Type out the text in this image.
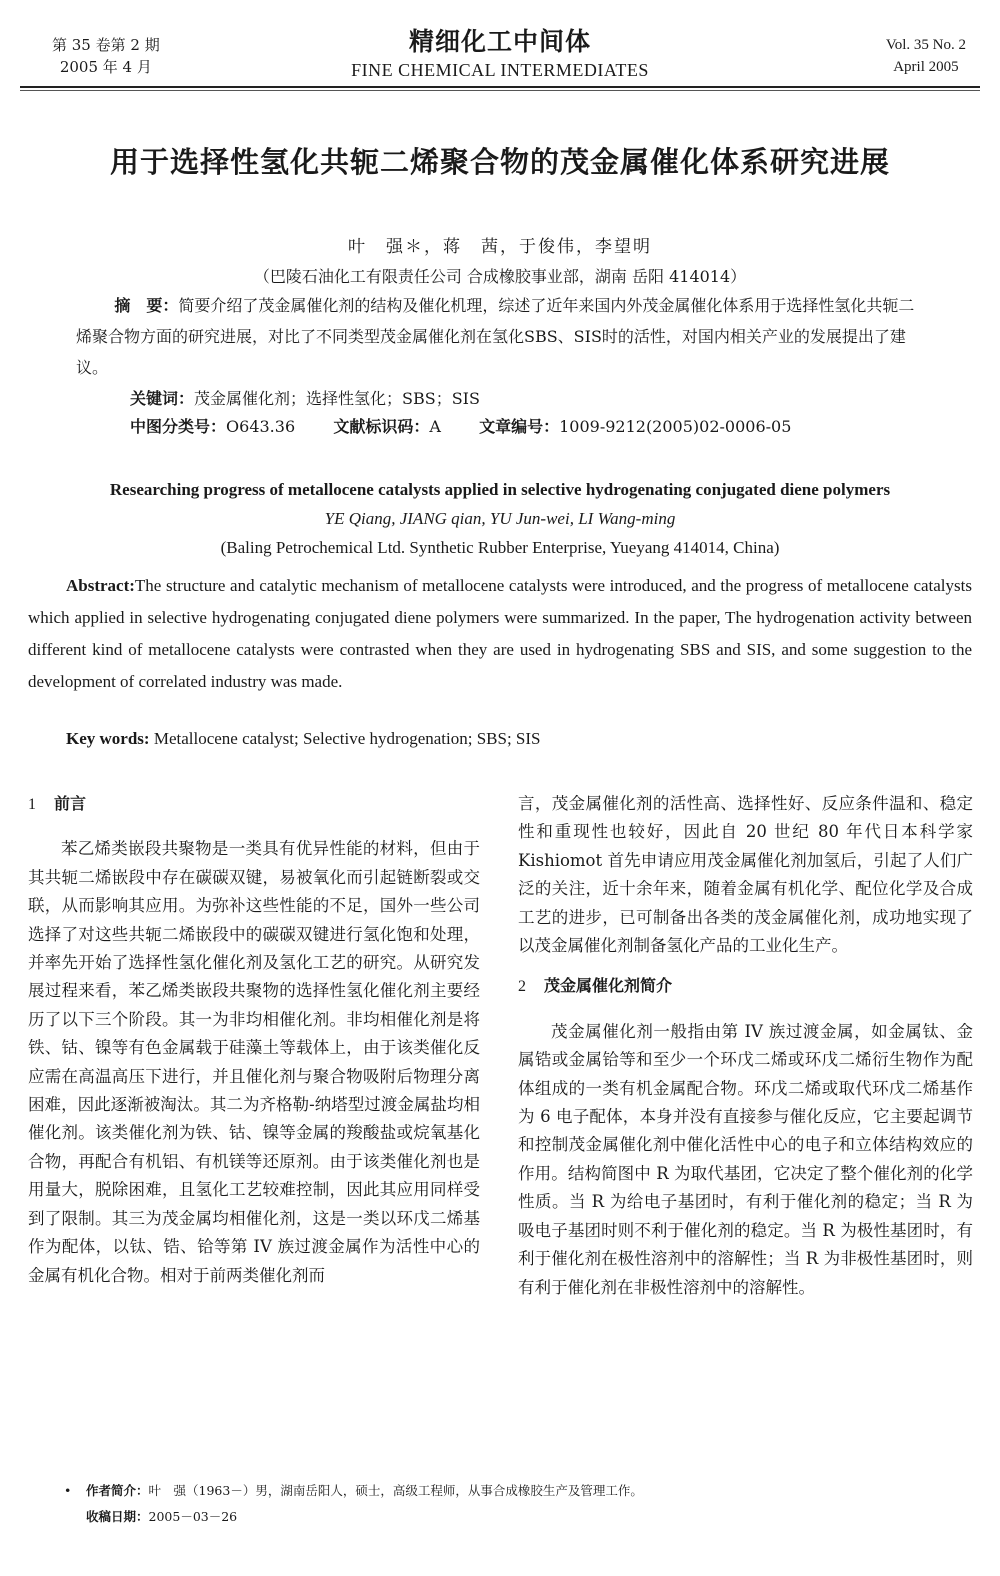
第 35 卷第 2 期
2005 年 4 月
精细化工中间体
FINE CHEMICAL INTERMEDIATES
Vol. 35 No. 2
April 2005
用于选择性氢化共轭二烯聚合物的茂金属催化体系研究进展
叶　强＊，蒋　茜，于俊伟，李望明
（巴陵石油化工有限责任公司 合成橡胶事业部，湖南 岳阳 414014）
摘　要：简要介绍了茂金属催化剂的结构及催化机理，综述了近年来国内外茂金属催化体系用于选择性氢化共轭二烯聚合物方面的研究进展，对比了不同类型茂金属催化剂在氢化SBS、SIS时的活性，对国内相关产业的发展提出了建议。
关键词：茂金属催化剂；选择性氢化；SBS；SIS
中图分类号：O643.36 文献标识码：A 文章编号：1009-9212(2005)02-0006-05
Researching progress of metallocene catalysts applied in selective hydrogenating conjugated diene polymers
YE Qiang, JIANG qian, YU Jun-wei, LI Wang-ming
(Baling Petrochemical Ltd. Synthetic Rubber Enterprise, Yueyang 414014, China)
Abstract:The structure and catalytic mechanism of metallocene catalysts were introduced, and the progress of metallocene catalysts which applied in selective hydrogenating conjugated diene polymers were summarized. In the paper, The hydrogenation activity between different kind of metallocene catalysts were contrasted when they are used in hydrogenating SBS and SIS, and some suggestion to the development of correlated industry was made.
Key words: Metallocene catalyst; Selective hydrogenation; SBS; SIS
1 前言

苯乙烯类嵌段共聚物是一类具有优异性能的材料，但由于其共轭二烯嵌段中存在碳碳双键，易被氧化而引起链断裂或交联，从而影响其应用。为弥补这些性能的不足，国外一些公司选择了对这些共轭二烯嵌段中的碳碳双键进行氢化饱和处理，并率先开始了选择性氢化催化剂及氢化工艺的研究。从研究发展过程来看，苯乙烯类嵌段共聚物的选择性氢化催化剂主要经历了以下三个阶段。其一为非均相催化剂。非均相催化剂是将铁、钴、镍等有色金属载于硅藻土等载体上，由于该类催化反应需在高温高压下进行，并且催化剂与聚合物吸附后物理分离困难，因此逐渐被淘汰。其二为齐格勒-纳塔型过渡金属盐均相催化剂。该类催化剂为铁、钴、镍等金属的羧酸盐或烷氧基化合物，再配合有机铝、有机镁等还原剂。由于该类催化剂也是用量大，脱除困难，且氢化工艺较难控制，因此其应用同样受到了限制。其三为茂金属均相催化剂，这是一类以环戊二烯基作为配体，以钛、锆、铪等第 IV 族过渡金属作为活性中心的金属有机化合物。相对于前两类催化剂而

言，茂金属催化剂的活性高、选择性好、反应条件温和、稳定性和重现性也较好，因此自 20 世纪 80 年代日本科学家 Kishiomot 首先申请应用茂金属催化剂加氢后，引起了人们广泛的关注，近十余年来，随着金属有机化学、配位化学及合成工艺的进步，已可制备出各类的茂金属催化剂，成功地实现了以茂金属催化剂制备氢化产品的工业化生产。

2 茂金属催化剂简介

茂金属催化剂一般指由第 IV 族过渡金属，如金属钛、金属锆或金属铪等和至少一个环戊二烯或环戊二烯衍生物作为配体组成的一类有机金属配合物。环戊二烯或取代环戊二烯基作为 6 电子配体，本身并没有直接参与催化反应，它主要起调节和控制茂金属催化剂中催化活性中心的电子和立体结构效应的作用。结构简图中 R 为取代基团，它决定了整个催化剂的化学性质。当 R 为给电子基团时，有利于催化剂的稳定；当 R 为吸电子基团时则不利于催化剂的稳定。当 R 为极性基团时，有利于催化剂在极性溶剂中的溶解性；当 R 为非极性基团时，则有利于催化剂在非极性溶剂中的溶解性。

• 作者简介：叶　强（1963－）男，湖南岳阳人，硕士，高级工程师，从事合成橡胶生产及管理工作。
收稿日期：2005－03－26
